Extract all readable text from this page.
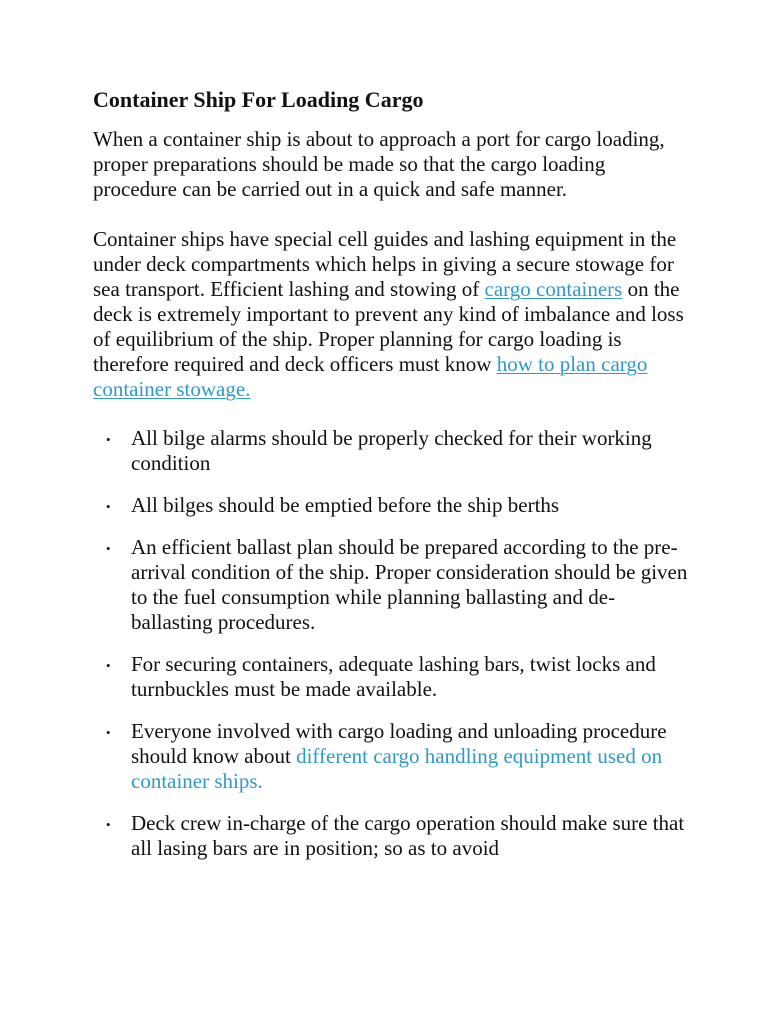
Container Ship For Loading Cargo

When a container ship is about to approach a port for cargo loading, proper preparations should be made so that the cargo loading procedure can be carried out in a quick and safe manner.

Container ships have special cell guides and lashing equipment in the under deck compartments which helps in giving a secure stowage for sea transport. Efficient lashing and stowing of cargo containers on the deck is extremely important to prevent any kind of imbalance and loss of equilibrium of the ship. Proper planning for cargo loading is therefore required and deck officers must know how to plan cargo container stowage.

• All bilge alarms should be properly checked for their working condition
• All bilges should be emptied before the ship berths
• An efficient ballast plan should be prepared according to the pre-arrival condition of the ship. Proper consideration should be given to the fuel consumption while planning ballasting and de-ballasting procedures.
• For securing containers, adequate lashing bars, twist locks and turnbuckles must be made available.
• Everyone involved with cargo loading and unloading procedure should know about different cargo handling equipment used on container ships.
• Deck crew in-charge of the cargo operation should make sure that all lasing bars are in position; so as to avoid
